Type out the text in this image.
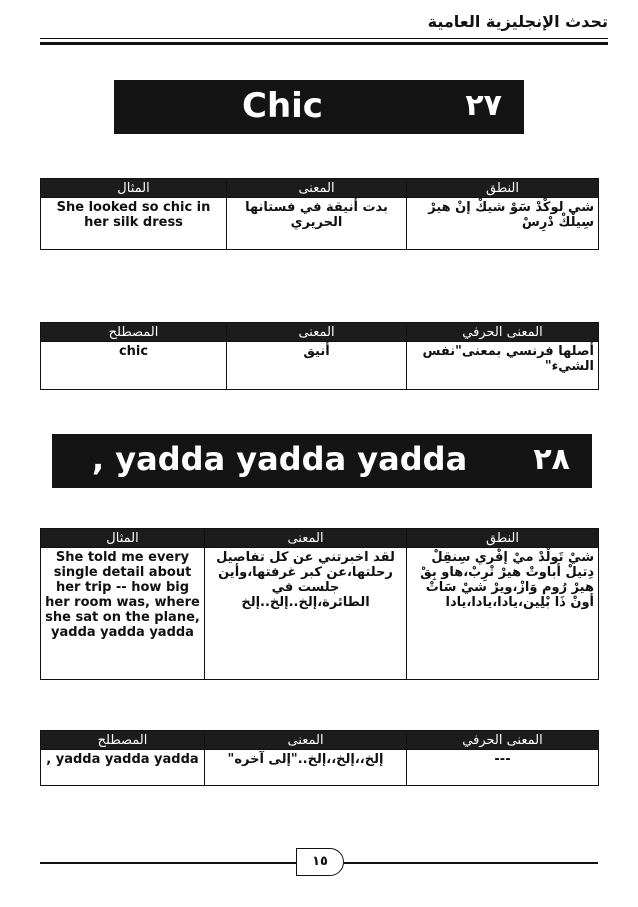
تحدث الإنجليزية العامية
Chic	٢٧
المثال	المعنى	النطق
She looked so chic in her silk dress	بدت أنيقة في فستانها الحريري	شي لوكْدْ سَوْ شيكْ إنْ هيرْ سِيلْكْ دْرِسْ
المصطلح	المعنى	المعنى الحرفي
chic	أنيق	أصلها فرنسي بمعنى"نفس الشيء"
, yadda yadda yadda ٢٨
المثال	المعنى	النطق
She told me every single detail about her trip -- how big her room was, where she sat on the plane, yadda yadda yadda	لقد اخبرتني عن كل تفاصيل رحلتها،عن كبر غرفتها،وأين جلست في الطائرة،إلخ..إلخ..إلخ	شيْ تَولْدْ ميْ إفْري سِنقِلْ دِتيلْ أباوتْ هيرْ تْرِبْ،هاو بِقْ هيرْ رُوم وَازْ،ويرْ شيْ سَاتْ أونْ ذَا بْلِين،يادا،يادا،يادا
المصطلح	المعنى	المعنى الحرفي
, yadda yadda yadda	إلخ،،إلخ،،إلخ.."إلى آخره"	---
١٥
